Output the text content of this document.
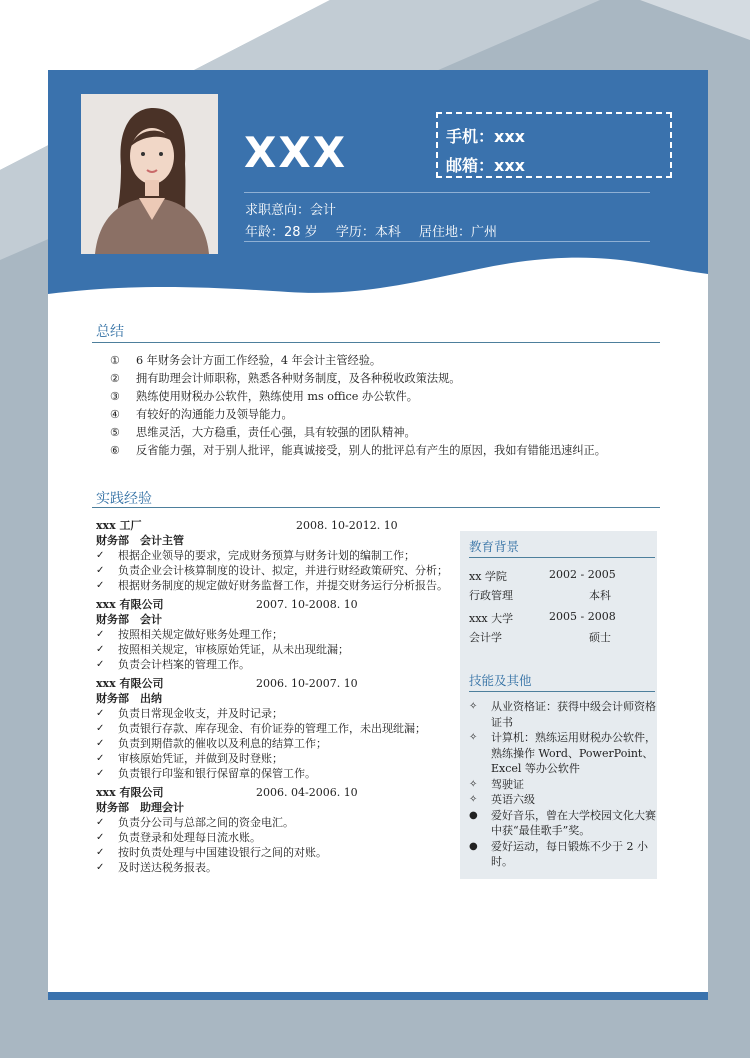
XXX	手机：xxx
邮箱：xxx
求职意向：会计
年龄：28 岁 学历：本科 居住地：广州
总结
① 6 年财务会计方面工作经验，4 年会计主管经验。
② 拥有助理会计师职称，熟悉各种财务制度，及各种税收政策法规。
③ 熟练使用财税办公软件，熟练使用 ms office 办公软件。
④ 有较好的沟通能力及领导能力。
⑤ 思维灵活，大方稳重，责任心强，具有较强的团队精神。
⑥ 反省能力强，对于别人批评，能真诚接受，别人的批评总有产生的原因，我如有错能迅速纠正。
实践经验
xxx 工厂	2008. 10-2012. 10
财务部　会计主管
✓ 根据企业领导的要求，完成财务预算与财务计划的编制工作；
✓ 负责企业会计核算制度的设计、拟定，并进行财经政策研究、分析；
✓ 根据财务制度的规定做好财务监督工作，并提交财务运行分析报告。
xxx 有限公司	2007. 10-2008. 10
财务部　会计
✓ 按照相关规定做好账务处理工作；
✓ 按照相关规定，审核原始凭证，从未出现纰漏；
✓ 负责会计档案的管理工作。
xxx 有限公司	2006. 10-2007. 10
财务部　出纳
✓ 负责日常现金收支，并及时记录；
✓ 负责银行存款、库存现金、有价证券的管理工作，未出现纰漏；
✓ 负责到期借款的催收以及利息的结算工作；
✓ 审核原始凭证，并做到及时登账；
✓ 负责银行印鉴和银行保留章的保管工作。
xxx 有限公司	2006. 04-2006. 10
财务部　助理会计
✓ 负责分公司与总部之间的资金电汇。
✓ 负责登录和处理每日流水账。
✓ 按时负责处理与中国建设银行之间的对账。
✓ 及时送达税务报表。
教育背景
xx 学院	2002 - 2005
行政管理	本科
xxx 大学	2005 - 2008
会计学	硕士
技能及其他
✧ 从业资格证：获得中级会计师资格证书
✧ 计算机：熟练运用财税办公软件，熟练操作 Word、PowerPoint、Excel 等办公软件
✧ 驾驶证
✧ 英语六级
● 爱好音乐，曾在大学校园文化大赛中获“最佳歌手”奖。
● 爱好运动，每日锻炼不少于 2 小时。
